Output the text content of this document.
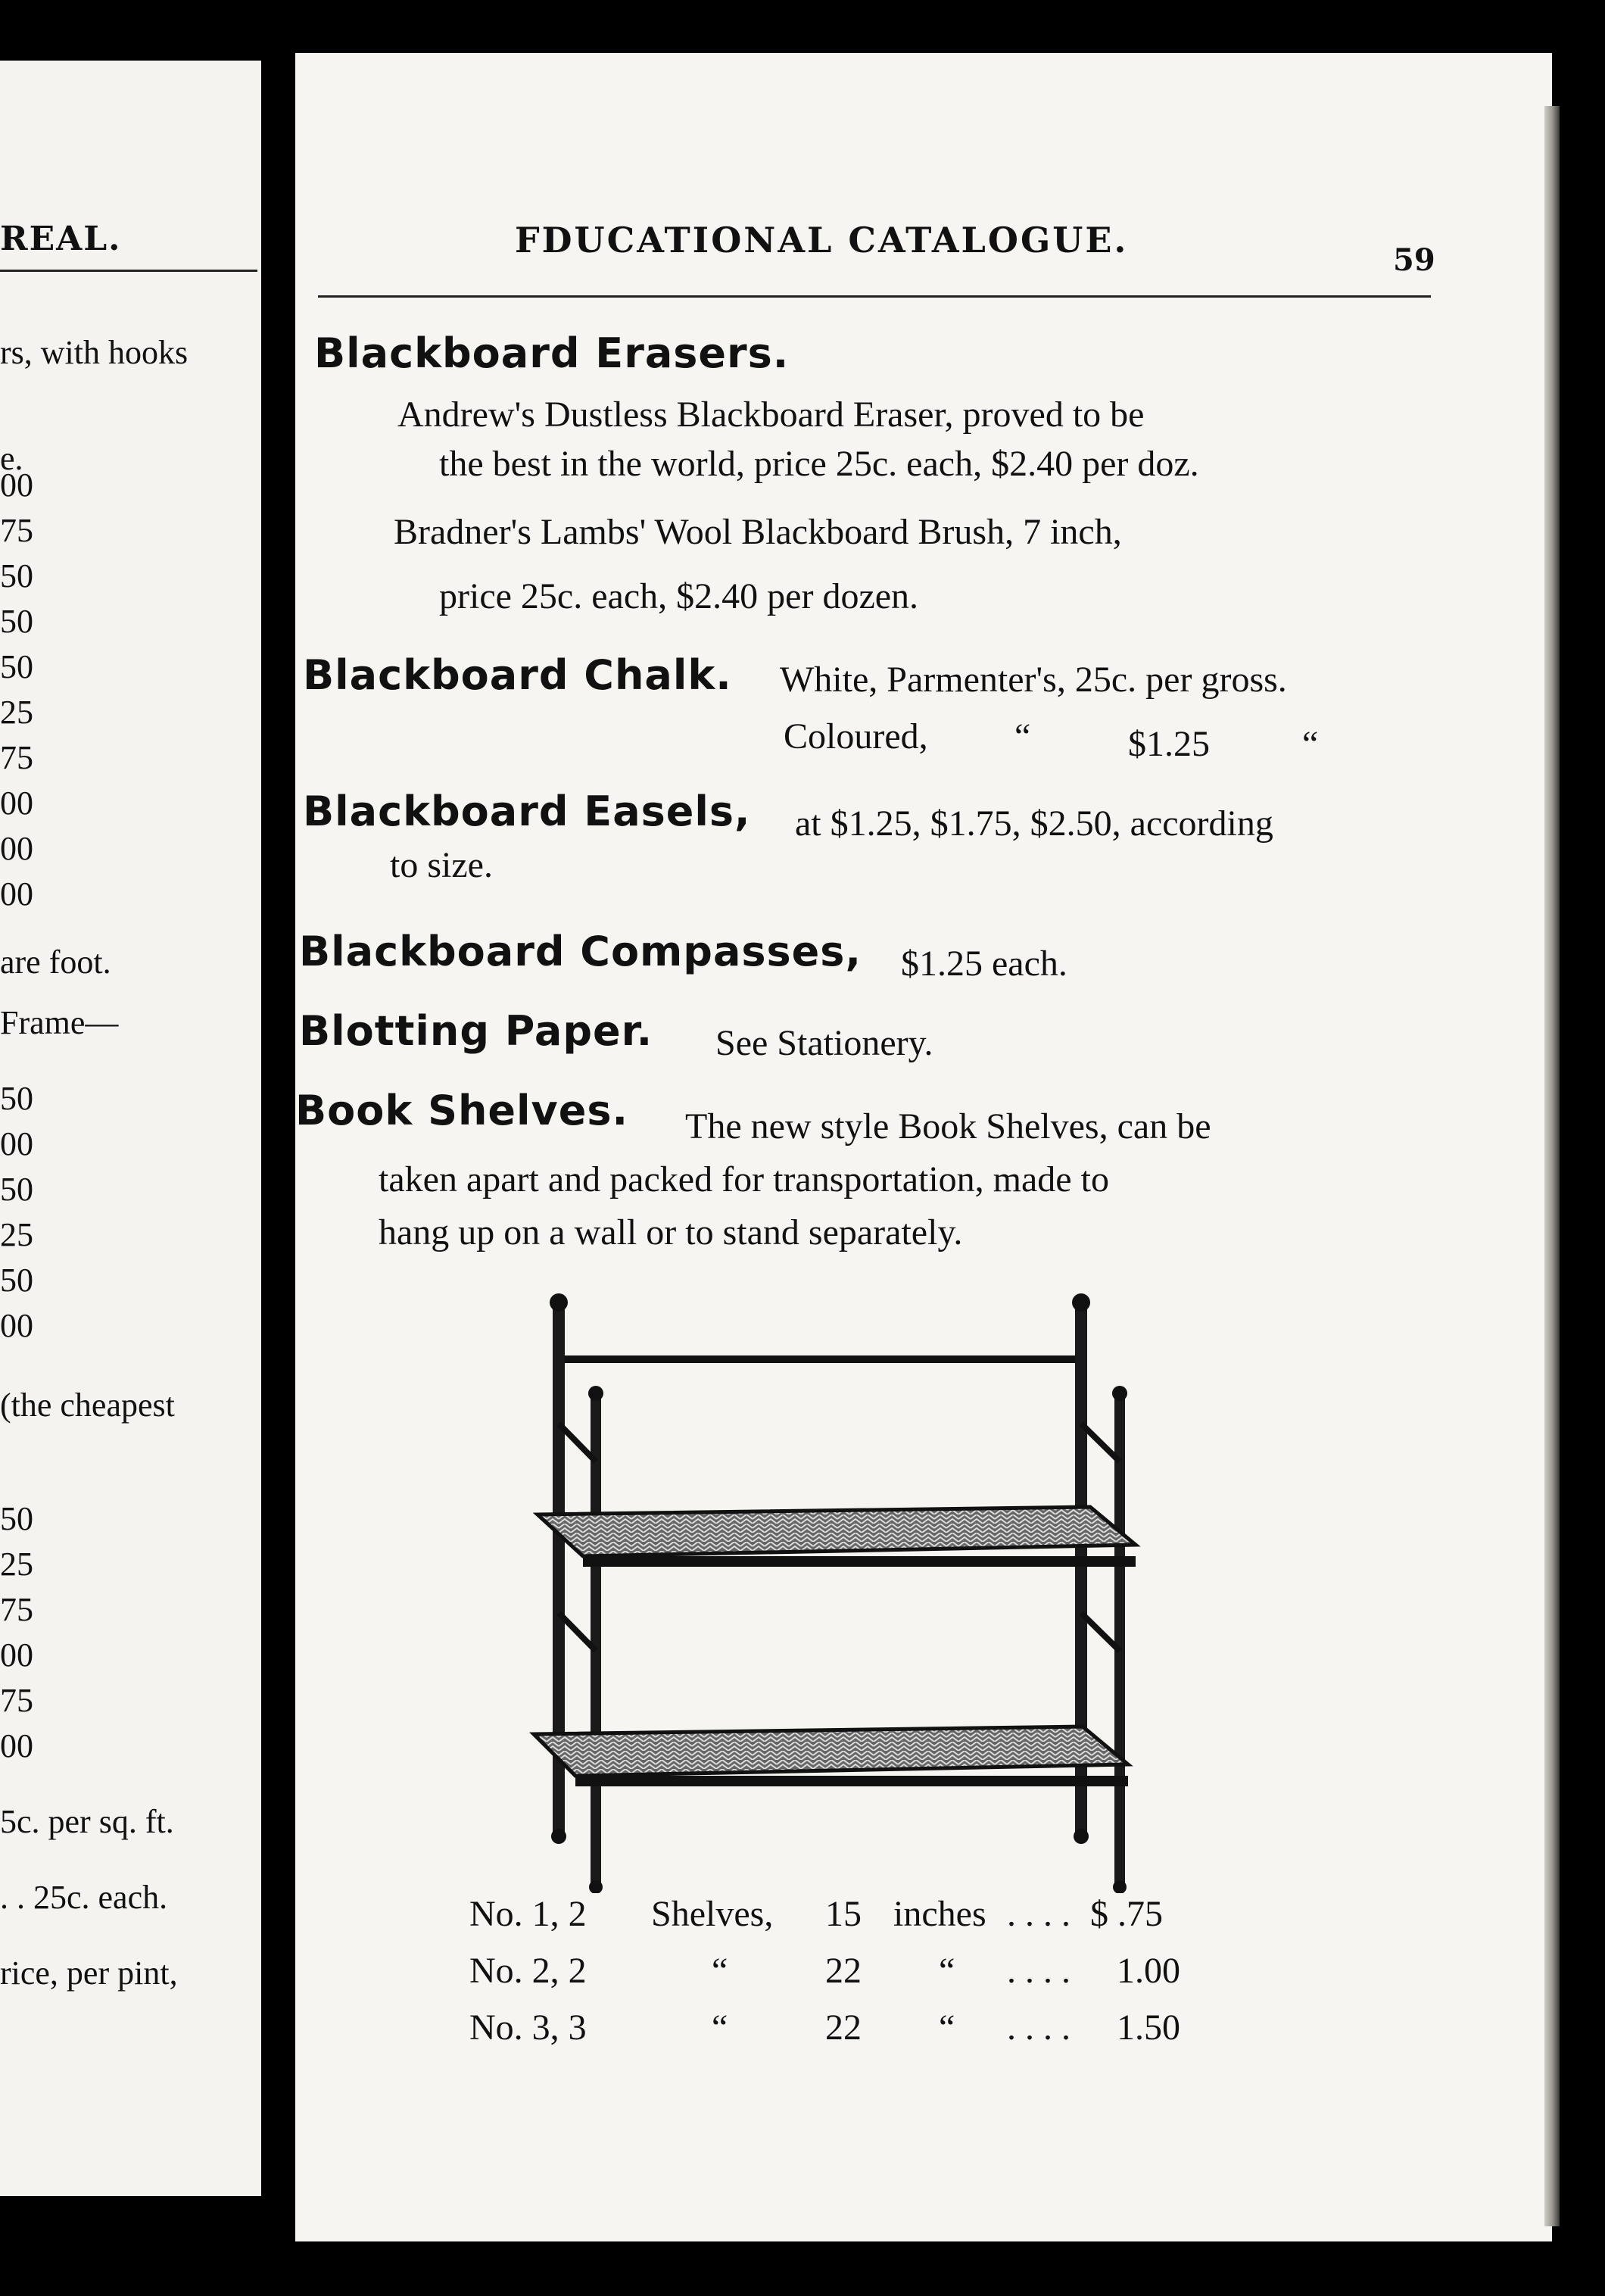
REAL.
rs, with hooks
e.
00
75
50
50
50
25
75
00
00
00
are foot.
Frame—
50
00
50
25
50
00
(the cheapest
50
25
75
00
75
00
5c. per sq. ft.
. . 25c. each.
rice, per pint,
FDUCATIONAL CATALOGUE.	59
Blackboard Erasers.
Andrew's Dustless Blackboard Eraser, proved to be
the best in the world, price 25c. each, $2.40 per doz.
Bradner's Lambs' Wool Blackboard Brush, 7 inch,
price 25c. each, $2.40 per dozen.
Blackboard Chalk. White, Parmenter's, 25c. per gross.
Coloured, “	$1.25	“
Blackboard Easels, at $1.25, $1.75, $2.50, according
to size.
Blackboard Compasses, $1.25 each.
Blotting Paper. See Stationery.
Book Shelves. The new style Book Shelves, can be
taken apart and packed for transportation, made to
hang up on a wall or to stand separately.
No. 1, 2 Shelves, 15 inches . . . . $ .75
No. 2, 2	“	22 “ . . . . 1.00
No. 3, 3	“	22 “ . . . . 1.50
